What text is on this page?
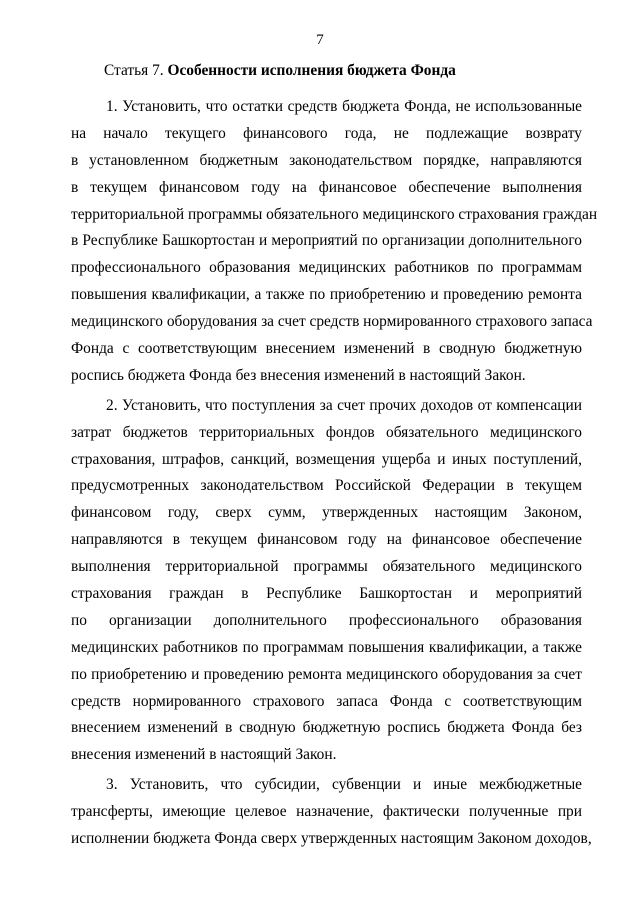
7
Статья 7. Особенности исполнения бюджета Фонда
1. Установить, что остатки средств бюджета Фонда, не использованные
на начало текущего финансового года, не подлежащие возврату
в установленном бюджетным законодательством порядке, направляются
в текущем финансовом году на финансовое обеспечение выполнения
территориальной программы обязательного медицинского страхования граждан
в Республике Башкортостан и мероприятий по организации дополнительного
профессионального образования медицинских работников по программам
повышения квалификации, а также по приобретению и проведению ремонта
медицинского оборудования за счет средств нормированного страхового запаса
Фонда с соответствующим внесением изменений в сводную бюджетную
роспись бюджета Фонда без внесения изменений в настоящий Закон.
2. Установить, что поступления за счет прочих доходов от компенсации
затрат бюджетов территориальных фондов обязательного медицинского
страхования, штрафов, санкций, возмещения ущерба и иных поступлений,
предусмотренных законодательством Российской Федерации в текущем
финансовом году, сверх сумм, утвержденных настоящим Законом,
направляются в текущем финансовом году на финансовое обеспечение
выполнения территориальной программы обязательного медицинского
страхования граждан в Республике Башкортостан и мероприятий
по организации дополнительного профессионального образования
медицинских работников по программам повышения квалификации, а также
по приобретению и проведению ремонта медицинского оборудования за счет
средств нормированного страхового запаса Фонда с соответствующим
внесением изменений в сводную бюджетную роспись бюджета Фонда без
внесения изменений в настоящий Закон.
3. Установить, что субсидии, субвенции и иные межбюджетные
трансферты, имеющие целевое назначение, фактически полученные при
исполнении бюджета Фонда сверх утвержденных настоящим Законом доходов,
